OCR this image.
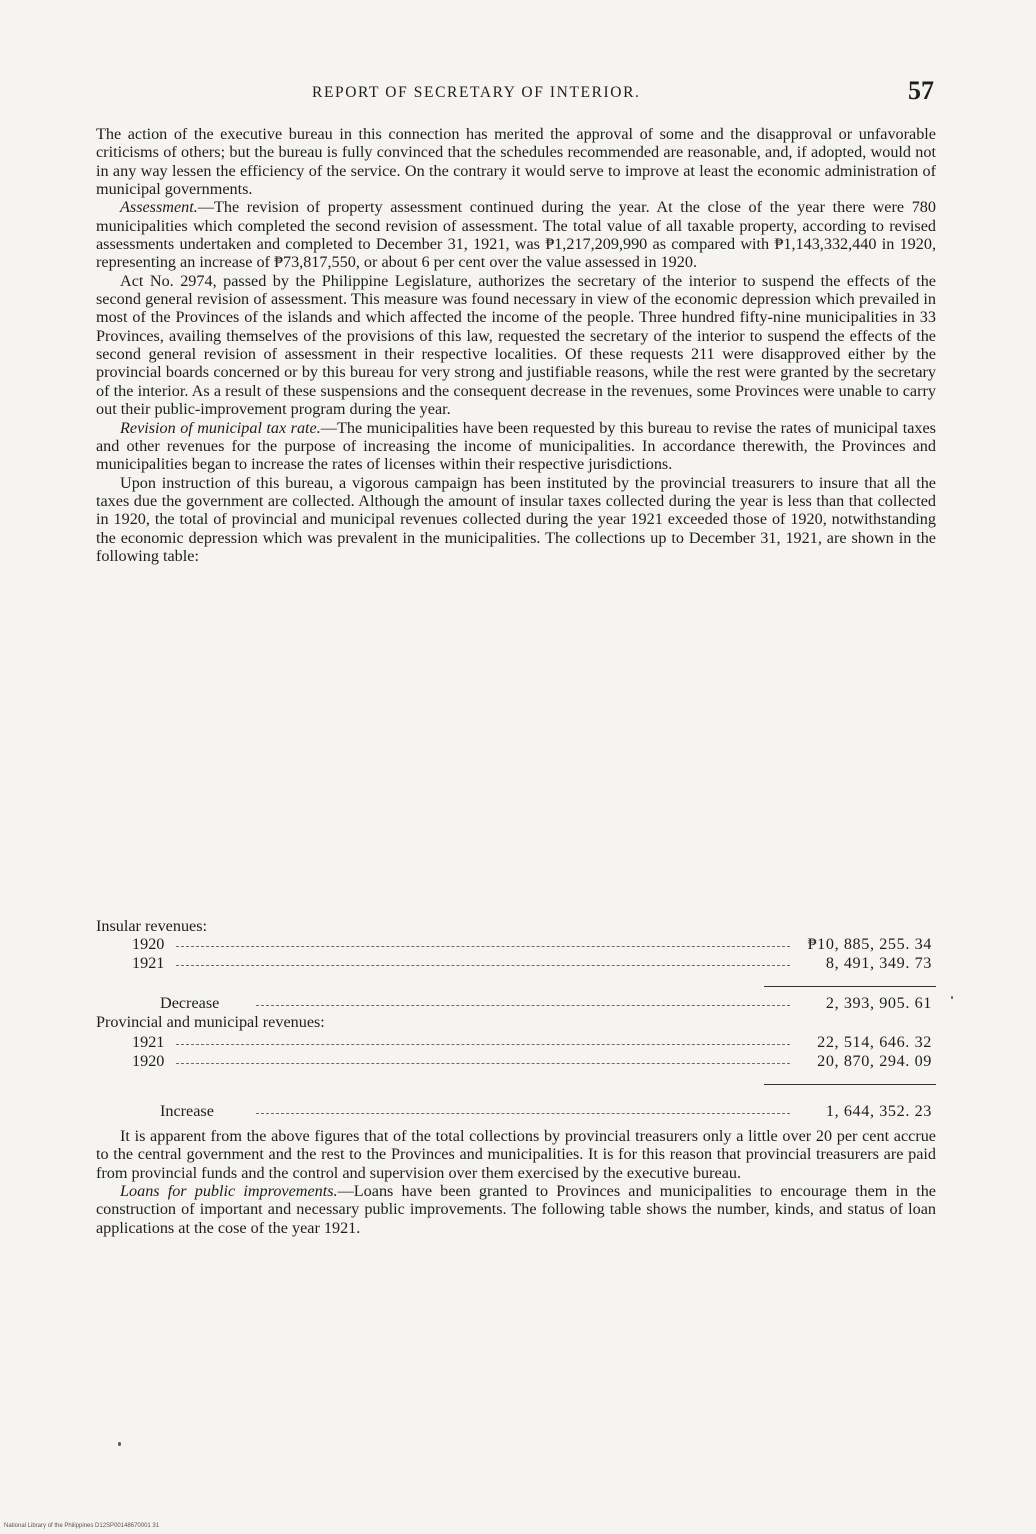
REPORT OF SECRETARY OF INTERIOR.	57

The action of the executive bureau in this connection has merited the approval of some and the disapproval or unfavorable criticisms of others; but the bureau is fully convinced that the schedules recommended are reasonable, and, if adopted, would not in any way lessen the efficiency of the service. On the contrary it would serve to improve at least the economic administration of municipal governments.

Assessment.—The revision of property assessment continued during the year. At the close of the year there were 780 municipalities which completed the second revision of assessment. The total value of all taxable property, according to revised assessments undertaken and completed to December 31, 1921, was ₱1,217,209,990 as compared with ₱1,143,332,440 in 1920, representing an increase of ₱73,817,550, or about 6 per cent over the value assessed in 1920.

Act No. 2974, passed by the Philippine Legislature, authorizes the secretary of the interior to suspend the effects of the second general revision of assessment. This measure was found necessary in view of the economic depression which prevailed in most of the Provinces of the islands and which affected the income of the people. Three hundred fifty-nine municipalities in 33 Provinces, availing themselves of the provisions of this law, requested the secretary of the interior to suspend the effects of the second general revision of assessment in their respective localities. Of these requests 211 were disapproved either by the provincial boards concerned or by this bureau for very strong and justifiable reasons, while the rest were granted by the secretary of the interior. As a result of these suspensions and the consequent decrease in the revenues, some Provinces were unable to carry out their public-improvement program during the year.

Revision of municipal tax rate.—The municipalities have been requested by this bureau to revise the rates of municipal taxes and other revenues for the purpose of increasing the income of municipalities. In accordance therewith, the Provinces and municipalities began to increase the rates of licenses within their respective jurisdictions.

Upon instruction of this bureau, a vigorous campaign has been instituted by the provincial treasurers to insure that all the taxes due the government are collected. Although the amount of insular taxes collected during the year is less than that collected in 1920, the total of provincial and municipal revenues collected during the year 1921 exceeded those of 1920, notwithstanding the economic depression which was prevalent in the municipalities. The collections up to December 31, 1921, are shown in the following table:

Insular revenues:
1920	₱10, 885, 255. 34
1921	8, 491, 349. 73
Decrease	2, 393, 905. 61
Provincial and municipal revenues:
1921	22, 514, 646. 32
1920	20, 870, 294. 09
Increase	1, 644, 352. 23

It is apparent from the above figures that of the total collections by provincial treasurers only a little over 20 per cent accrue to the central government and the rest to the Provinces and municipalities. It is for this reason that provincial treasurers are paid from provincial funds and the control and supervision over them exercised by the executive bureau.

Loans for public improvements.—Loans have been granted to Provinces and municipalities to encourage them in the construction of important and necessary public improvements. The following table shows the number, kinds, and status of loan applications at the cose of the year 1921.

National Library of the Philippines D12SP00148670001 31
